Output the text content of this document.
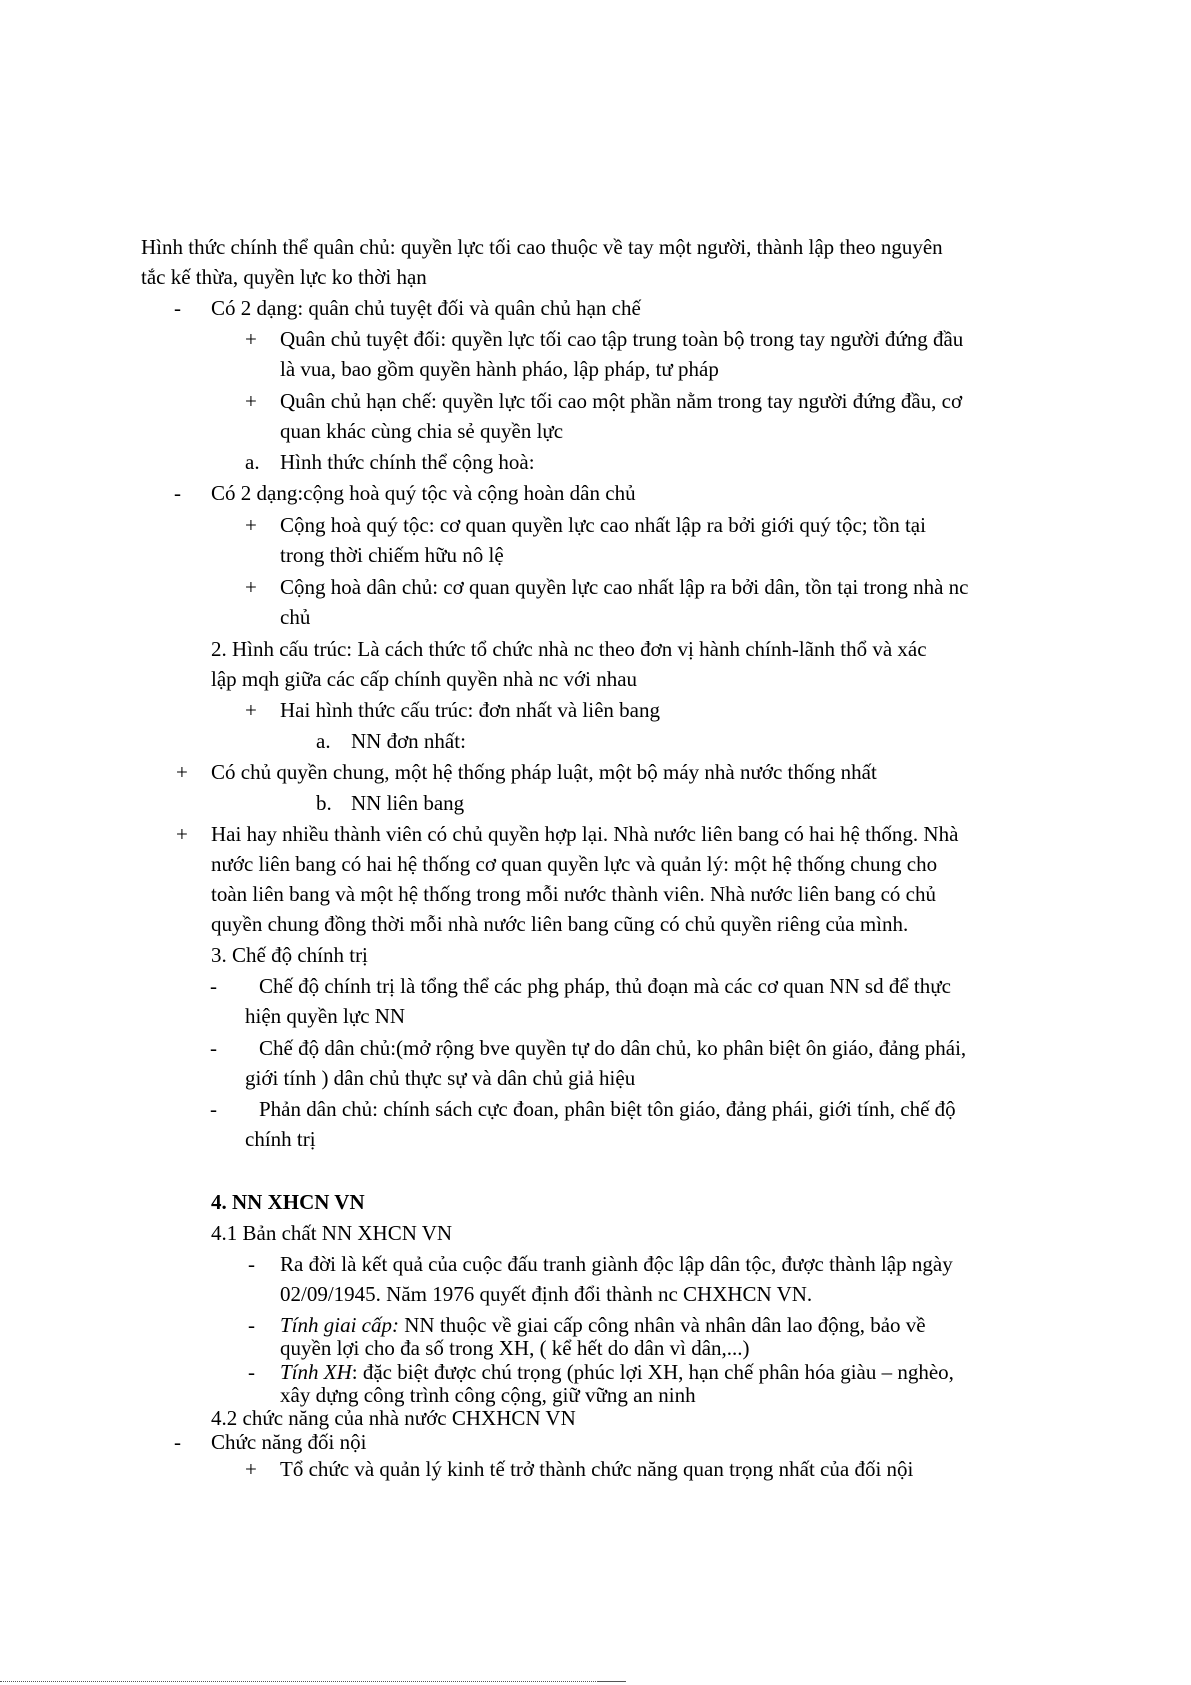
Hình thức chính thể quân chủ: quyền lực tối cao thuộc về tay một người, thành lập theo nguyên
tắc kế thừa, quyền lực ko thời hạn
- Có 2 dạng: quân chủ tuyệt đối và quân chủ hạn chế
+ Quân chủ tuyệt đối: quyền lực tối cao tập trung toàn bộ trong tay người đứng đầu
là vua, bao gồm quyền hành pháo, lập pháp, tư pháp
+ Quân chủ hạn chế: quyền lực tối cao một phần nằm trong tay người đứng đầu, cơ
quan khác cùng chia sẻ quyền lực
a. Hình thức chính thể cộng hoà:
- Có 2 dạng:cộng hoà quý tộc và cộng hoàn dân chủ
+ Cộng hoà quý tộc: cơ quan quyền lực cao nhất lập ra bởi giới quý tộc; tồn tại
trong thời chiếm hữu nô lệ
+ Cộng hoà dân chủ: cơ quan quyền lực cao nhất lập ra bởi dân, tồn tại trong nhà nc
chủ
2. Hình cấu trúc: Là cách thức tổ chức nhà nc theo đơn vị hành chính-lãnh thổ và xác
lập mqh giữa các cấp chính quyền nhà nc với nhau
+ Hai hình thức cấu trúc: đơn nhất và liên bang
a. NN đơn nhất:
+ Có chủ quyền chung, một hệ thống pháp luật, một bộ máy nhà nước thống nhất
b. NN liên bang
+ Hai hay nhiều thành viên có chủ quyền hợp lại. Nhà nước liên bang có hai hệ thống. Nhà
nước liên bang có hai hệ thống cơ quan quyền lực và quản lý: một hệ thống chung cho
toàn liên bang và một hệ thống trong mỗi nước thành viên. Nhà nước liên bang có chủ
quyền chung đồng thời mỗi nhà nước liên bang cũng có chủ quyền riêng của mình.
3. Chế độ chính trị
- Chế độ chính trị là tổng thể các phg pháp, thủ đoạn mà các cơ quan NN sd để thực
hiện quyền lực NN
- Chế độ dân chủ:(mở rộng bve quyền tự do dân chủ, ko phân biệt ôn giáo, đảng phái,
giới tính ) dân chủ thực sự và dân chủ giả hiệu
- Phản dân chủ: chính sách cực đoan, phân biệt tôn giáo, đảng phái, giới tính, chế độ
chính trị
4. NN XHCN VN
4.1 Bản chất NN XHCN VN
- Ra đời là kết quả của cuộc đấu tranh giành độc lập dân tộc, được thành lập ngày
02/09/1945. Năm 1976 quyết định đổi thành nc CHXHCN VN.
- Tính giai cấp: NN thuộc về giai cấp công nhân và nhân dân lao động, bảo về
quyền lợi cho đa số trong XH, ( kể hết do dân vì dân,...)
- Tính XH: đặc biệt được chú trọng (phúc lợi XH, hạn chế phân hóa giàu – nghèo,
xây dựng công trình công cộng, giữ vững an ninh
4.2 chức năng của nhà nước CHXHCN VN
- Chức năng đối nội
+ Tổ chức và quản lý kinh tế trở thành chức năng quan trọng nhất của đối nội
